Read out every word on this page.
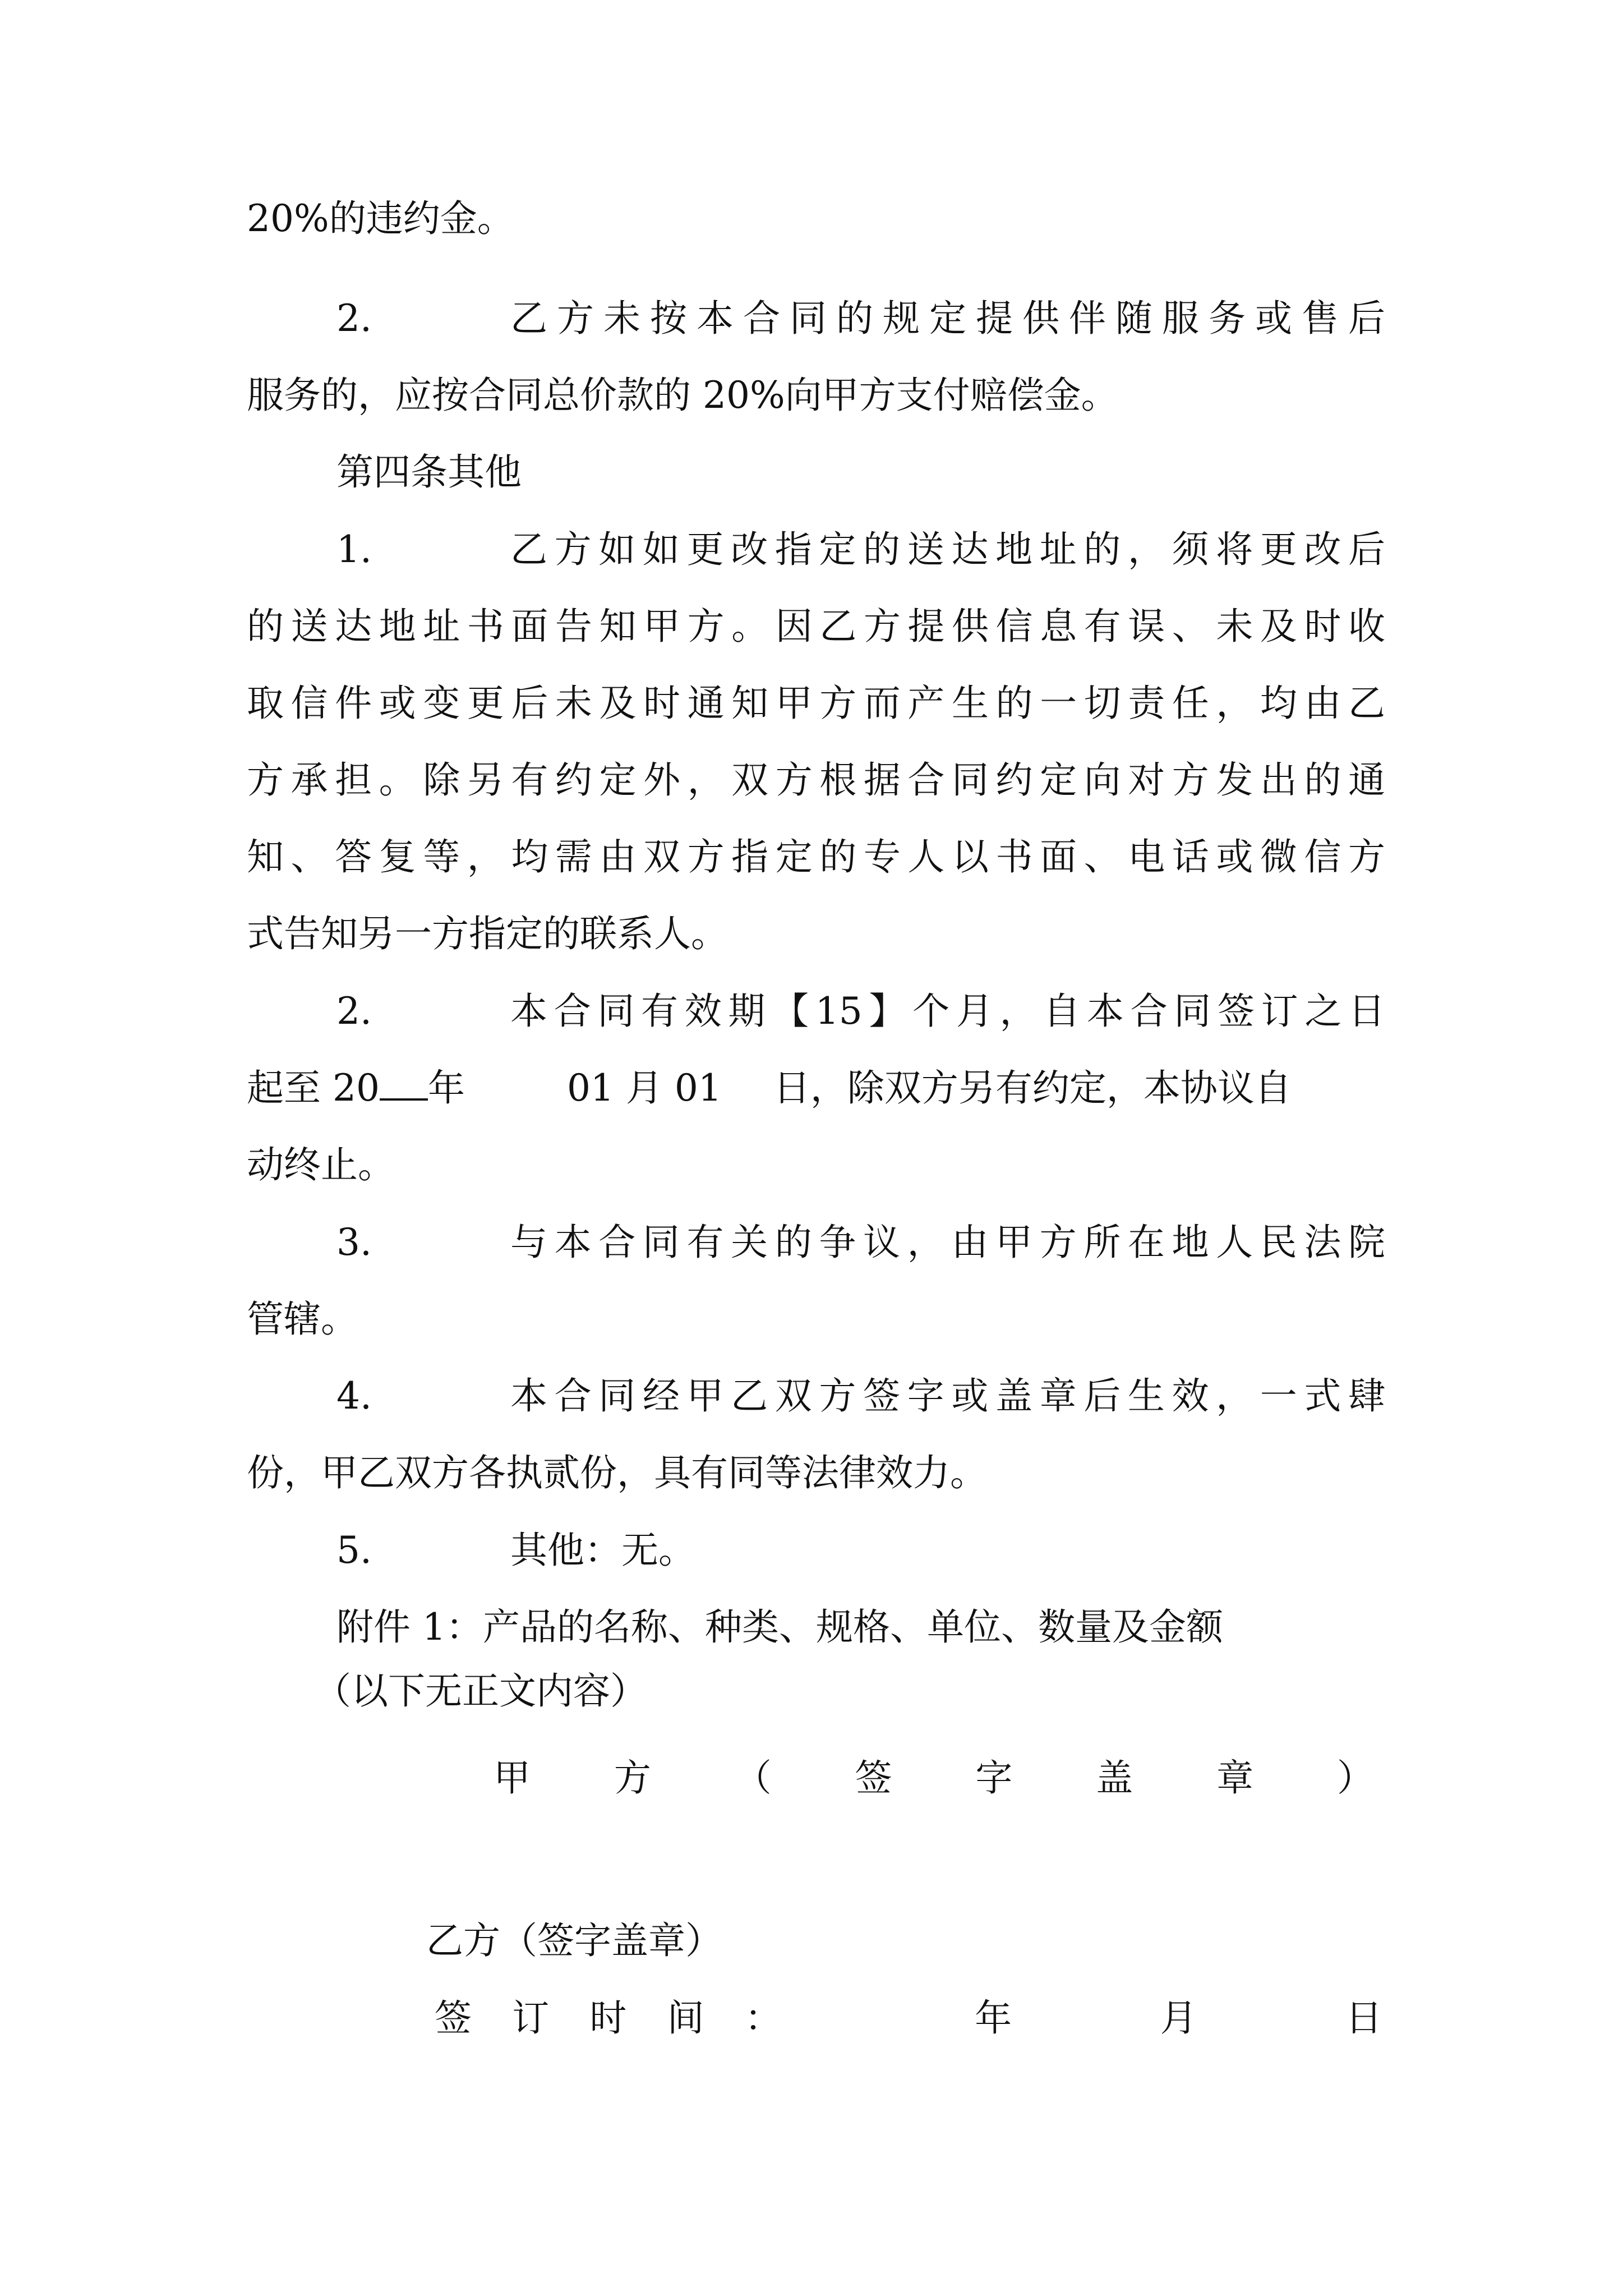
20%的违约金。

2.	乙方未按本合同的规定提供伴随服务或售后

服务的，应按合同总价款的 20%向甲方支付赔偿金。

第四条其他

1.	乙方如如更改指定的送达地址的，须将更改后

的送达地址书面告知甲方。因乙方提供信息有误、未及时收

取信件或变更后未及时通知甲方而产生的一切责任，均由乙

方承担。除另有约定外，双方根据合同约定向对方发出的通

知、答复等，均需由双方指定的专人以书面、电话或微信方

式告知另一方指定的联系人。

2.	本合同有效期【15】个月，自本合同签订之日
起至 20 年	01 月 01 日，除双方另有约定，本协议自

动终止。

3.	与本合同有关的争议，由甲方所在地人民法院

管辖。

4.	本合同经甲乙双方签字或盖章后生效，一式肆

份，甲乙双方各执贰份，具有同等法律效力。

5.	其他：无。

附件 1：产品的名称、种类、规格、单位、数量及金额

（以下无正文内容）

甲 方 （ 签 字 盖 章 ）

乙方（签字盖章）

签 订 时 间 ：	年	月	日
